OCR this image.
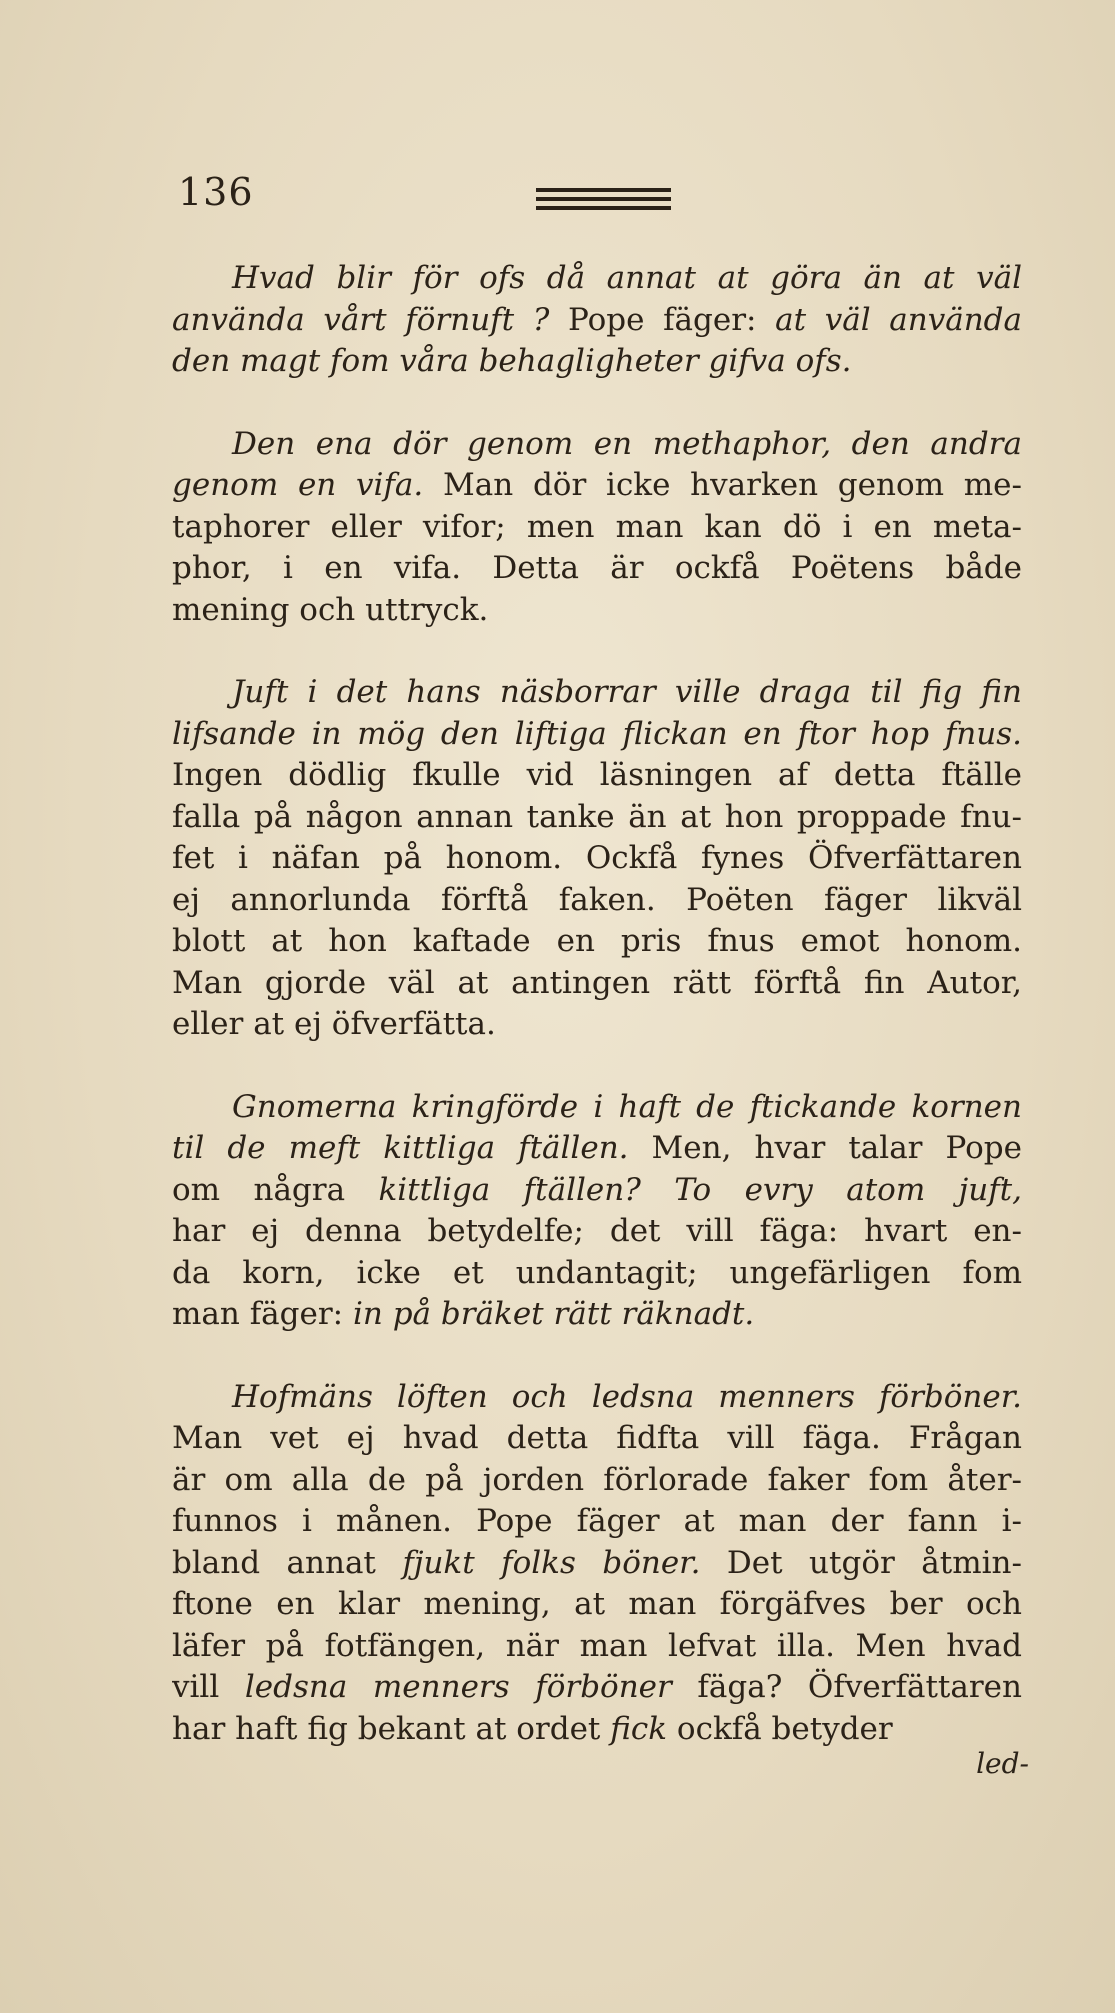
136
Hvad blir för ofs då annat at göra än at väl
använda vårt förnuft ? Pope fäger: at väl använda
den magt fom våra behagligheter gifva ofs.
Den ena dör genom en methaphor, den andra
genom en vifa. Man dör icke hvarken genom me-
taphorer eller vifor; men man kan dö i en meta-
phor, i en vifa. Detta är ockfå Poëtens både
mening och uttryck.
Juft i det hans näsborrar ville draga til fig fin
lifsande in mög den liftiga flickan en ftor hop fnus.
Ingen dödlig fkulle vid läsningen af detta ftälle
falla på någon annan tanke än at hon proppade fnu-
fet i näfan på honom. Ockfå fynes Öfverfättaren
ej annorlunda förftå faken. Poëten fäger likväl
blott at hon kaftade en pris fnus emot honom.
Man gjorde väl at antingen rätt förftå fin Autor,
eller at ej öfverfätta.
Gnomerna kringförde i haft de ftickande kornen
til de meft kittliga ftällen. Men, hvar talar Pope
om några kittliga ftällen? To evry atom juft,
har ej denna betydelfe; det vill fäga: hvart en-
da korn, icke et undantagit; ungefärligen fom
man fäger: in på bräket rätt räknadt.
Hofmäns löften och ledsna menners förböner.
Man vet ej hvad detta fidfta vill fäga. Frågan
är om alla de på jorden förlorade faker fom åter-
funnos i månen. Pope fäger at man der fann i-
bland annat fjukt folks böner. Det utgör åtmin-
ftone en klar mening, at man förgäfves ber och
läfer på fotfängen, när man lefvat illa. Men hvad
vill ledsna menners förböner fäga? Öfverfättaren
har haft fig bekant at ordet fick ockfå betyder
led-
